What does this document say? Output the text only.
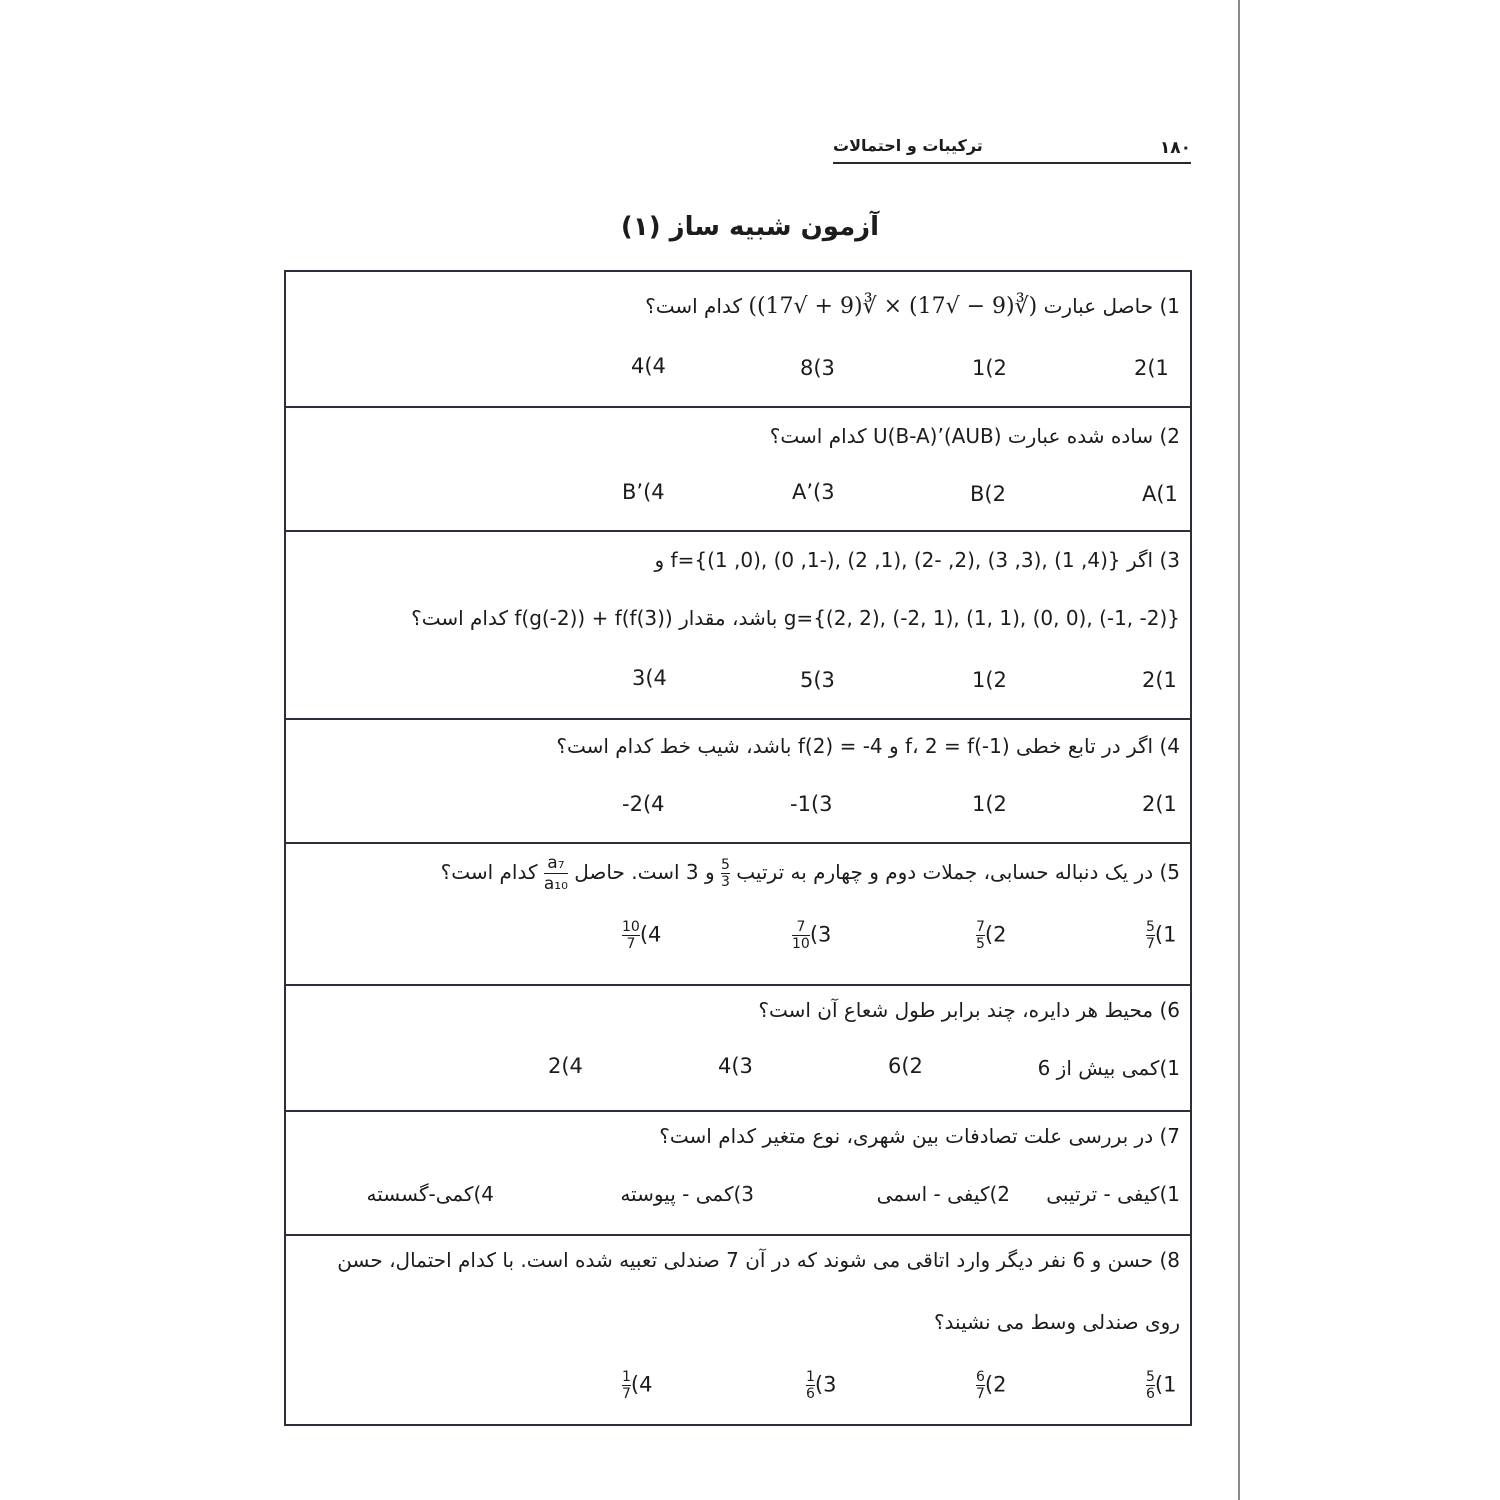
۱۸۰
ترکیبات و احتمالات
آزمون شبیه ساز (۱)
1) حاصل عبارت (∛(9 − √17) × ∛(9 + √17)) کدام است؟
2(1
1(2
8(3
4(4
2) ساده شده عبارت (AUB)’U(B-A) کدام است؟
A(1
B(2
A’(3
B’(4
3) اگر {(4, 1) ,(3, 3) ,(2, -2) ,(1, 2) ,(-1, 0) ,(0, 1)}=f و
g={(2, 2), (-2, 1), (1, 1), (0, 0), (-1, -2)} باشد، مقدار f(g(-2)) + f(f(3)) کدام است؟
2(1
1(2
5(3
3(4
4) اگر در تابع خطی f، 2 = f(-1) و 4- = f(2) باشد، شیب خط کدام است؟
2(1
1(2
-1(3
-2(4
5) در یک دنباله حسابی، جملات دوم و چهارم به ترتیب
$\frac{5}{3}$
و 3 است. حاصل
$\frac{\text{a₇}}{\text{a₁₀}}$
کدام است؟
$\frac{5}{7} (1$
$\frac{7}{5} (2$
$\frac{7}{10} (3$
$\frac{10}{7} (4$
6) محیط هر دایره، چند برابر طول شعاع آن است؟
1)کمی بیش از 6
6(2
4(3
2(4
7) در بررسی علت تصادفات بین شهری، نوع متغیر کدام است؟
1)کیفی - ترتیبی
2)کیفی - اسمی
3)کمی - پیوسته
4)کمی-گسسته
8) حسن و 6 نفر دیگر وارد اتاقی می شوند که در آن 7 صندلی تعبیه شده است. با کدام احتمال، حسن
روی صندلی وسط می نشیند؟
$\frac{5}{6} (1$
$\frac{6}{7} (2$
$\frac{1}{6} (3$
$\frac{1}{7} (4$
